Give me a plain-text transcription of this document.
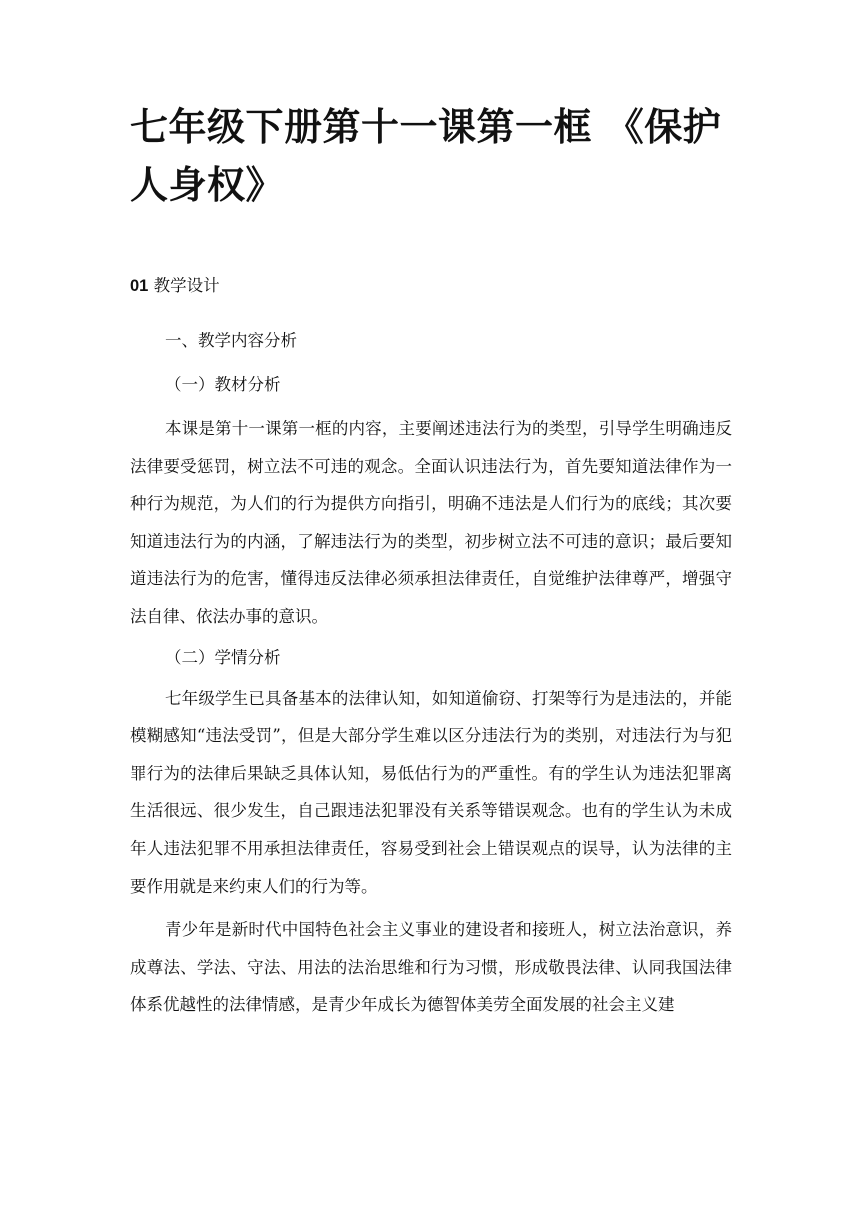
七年级下册第十一课第一框 《保护人身权》

01 教学设计

一、教学内容分析

（一）教材分析

本课是第十一课第一框的内容，主要阐述违法行为的类型，引导学生明确违反法律要受惩罚，树立法不可违的观念。全面认识违法行为，首先要知道法律作为一种行为规范，为人们的行为提供方向指引，明确不违法是人们行为的底线；其次要知道违法行为的内涵，了解违法行为的类型，初步树立法不可违的意识；最后要知道违法行为的危害，懂得违反法律必须承担法律责任，自觉维护法律尊严，增强守法自律、依法办事的意识。

（二）学情分析

七年级学生已具备基本的法律认知，如知道偷窃、打架等行为是违法的，并能模糊感知“违法受罚”，但是大部分学生难以区分违法行为的类别，对违法行为与犯罪行为的法律后果缺乏具体认知，易低估行为的严重性。有的学生认为违法犯罪离生活很远、很少发生，自己跟违法犯罪没有关系等错误观念。也有的学生认为未成年人违法犯罪不用承担法律责任，容易受到社会上错误观点的误导，认为法律的主要作用就是来约束人们的行为等。

青少年是新时代中国特色社会主义事业的建设者和接班人，树立法治意识，养成尊法、学法、守法、用法的法治思维和行为习惯，形成敬畏法律、认同我国法律体系优越性的法律情感，是青少年成长为德智体美劳全面发展的社会主义建
